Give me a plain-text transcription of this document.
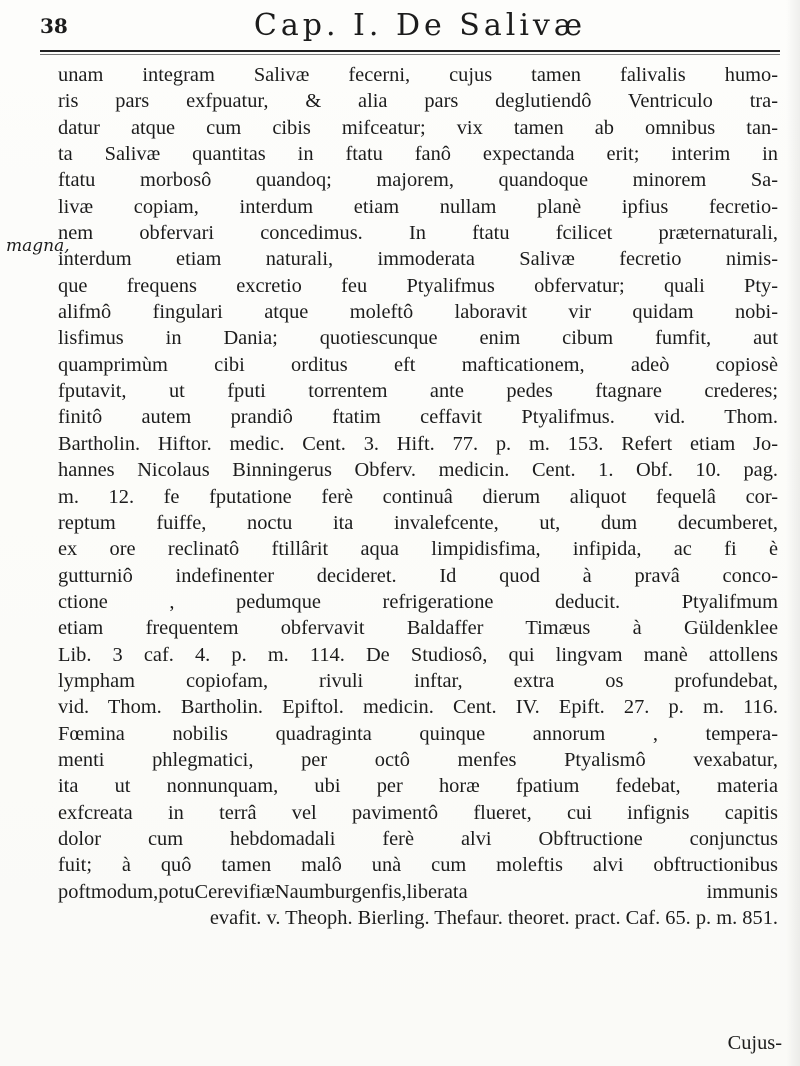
38	Cap. I. De Salivæ
magna,
unam integram Salivæ fecerni, cujus tamen falivalis humo-
ris pars exfpuatur, & alia pars deglutiendô Ventriculo tra-
datur atque cum cibis mifceatur; vix tamen ab omnibus tan-
ta Salivæ quantitas in ftatu fanô expectanda erit; interim in
ftatu morbosô quandoq; majorem, quandoque minorem Sa-
livæ copiam, interdum etiam nullam planè ipfius fecretio-
nem obfervari concedimus. In ftatu fcilicet præternaturali,
interdum etiam naturali, immoderata Salivæ fecretio nimis-
que frequens excretio feu Ptyalifmus obfervatur; quali Pty-
alifmô fingulari atque moleftô laboravit vir quidam nobi-
lisfimus in Dania; quotiescunque enim cibum fumfit, aut
quamprimùm cibi orditus eft mafticationem, adeò copiosè
fputavit, ut fputi torrentem ante pedes ftagnare crederes;
finitô autem prandiô ftatim ceffavit Ptyalifmus. vid. Thom.
Bartholin. Hiftor. medic. Cent. 3. Hift. 77. p. m. 153. Refert etiam Jo-
hannes Nicolaus Binningerus Obferv. medicin. Cent. 1. Obf. 10. pag.
m. 12. fe fputatione ferè continuâ dierum aliquot fequelâ cor-
reptum fuiffe, noctu ita invalefcente, ut, dum decumberet,
ex ore reclinatô ftillârit aqua limpidisfima, infipida, ac fi è
gutturniô indefinenter decideret. Id quod à pravâ conco-
ctione , pedumque refrigeratione deducit. Ptyalifmum
etiam frequentem obfervavit Baldaffer Timæus à Güldenklee
Lib. 3 caf. 4. p. m. 114. De Studiosô, qui lingvam manè attollens
lympham copiofam, rivuli inftar, extra os profundebat,
vid. Thom. Bartholin. Epiftol. medicin. Cent. IV. Epift. 27. p. m. 116.
Fœmina nobilis quadraginta quinque annorum , tempera-
menti phlegmatici, per octô menfes Ptyalismô vexabatur,
ita ut nonnunquam, ubi per horæ fpatium fedebat, materia
exfcreata in terrâ vel pavimentô flueret, cui infignis capitis
dolor cum hebdomadali ferè alvi Obftructione conjunctus
fuit; à quô tamen malô unà cum moleftis alvi obftructionibus
poftmodum,potuCerevifiæNaumburgenfis,liberata immunis
evafit. v. Theoph. Bierling. Thefaur. theoret. pract. Caf. 65. p. m. 851.
Cujus-
